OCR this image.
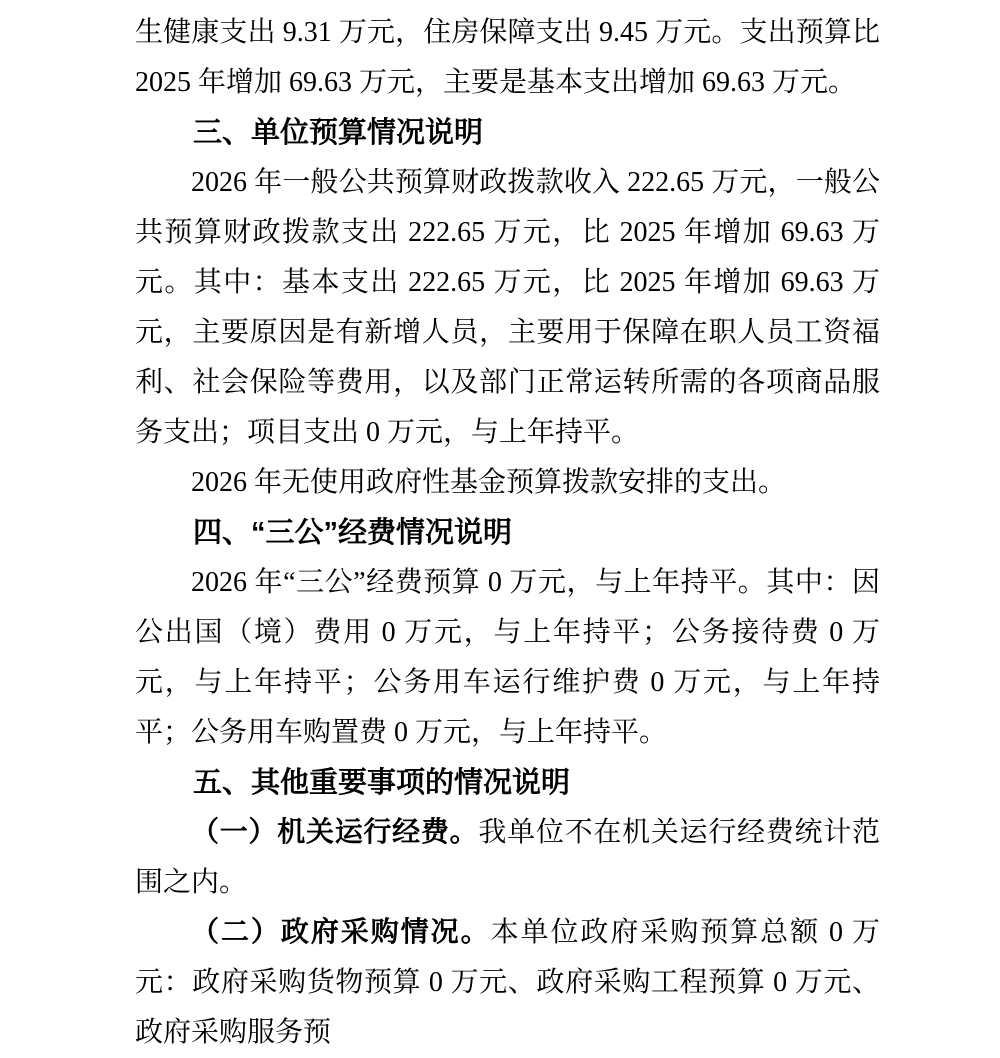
生健康支出 9.31 万元，住房保障支出 9.45 万元。支出预算比 2025 年增加 69.63 万元，主要是基本支出增加 69.63 万元。

三、单位预算情况说明

2026 年一般公共预算财政拨款收入 222.65 万元，一般公共预算财政拨款支出 222.65 万元，比 2025 年增加 69.63 万元。其中：基本支出 222.65 万元，比 2025 年增加 69.63 万元，主要原因是有新增人员，主要用于保障在职人员工资福利、社会保险等费用，以及部门正常运转所需的各项商品服务支出；项目支出 0 万元，与上年持平。

2026 年无使用政府性基金预算拨款安排的支出。

四、“三公”经费情况说明

2026 年“三公”经费预算 0 万元，与上年持平。其中：因公出国（境）费用 0 万元，与上年持平；公务接待费 0 万元，与上年持平；公务用车运行维护费 0 万元，与上年持平；公务用车购置费 0 万元，与上年持平。

五、其他重要事项的情况说明

（一）机关运行经费。我单位不在机关运行经费统计范围之内。

（二）政府采购情况。本单位政府采购预算总额 0 万元：政府采购货物预算 0 万元、政府采购工程预算 0 万元、政府采购服务预
